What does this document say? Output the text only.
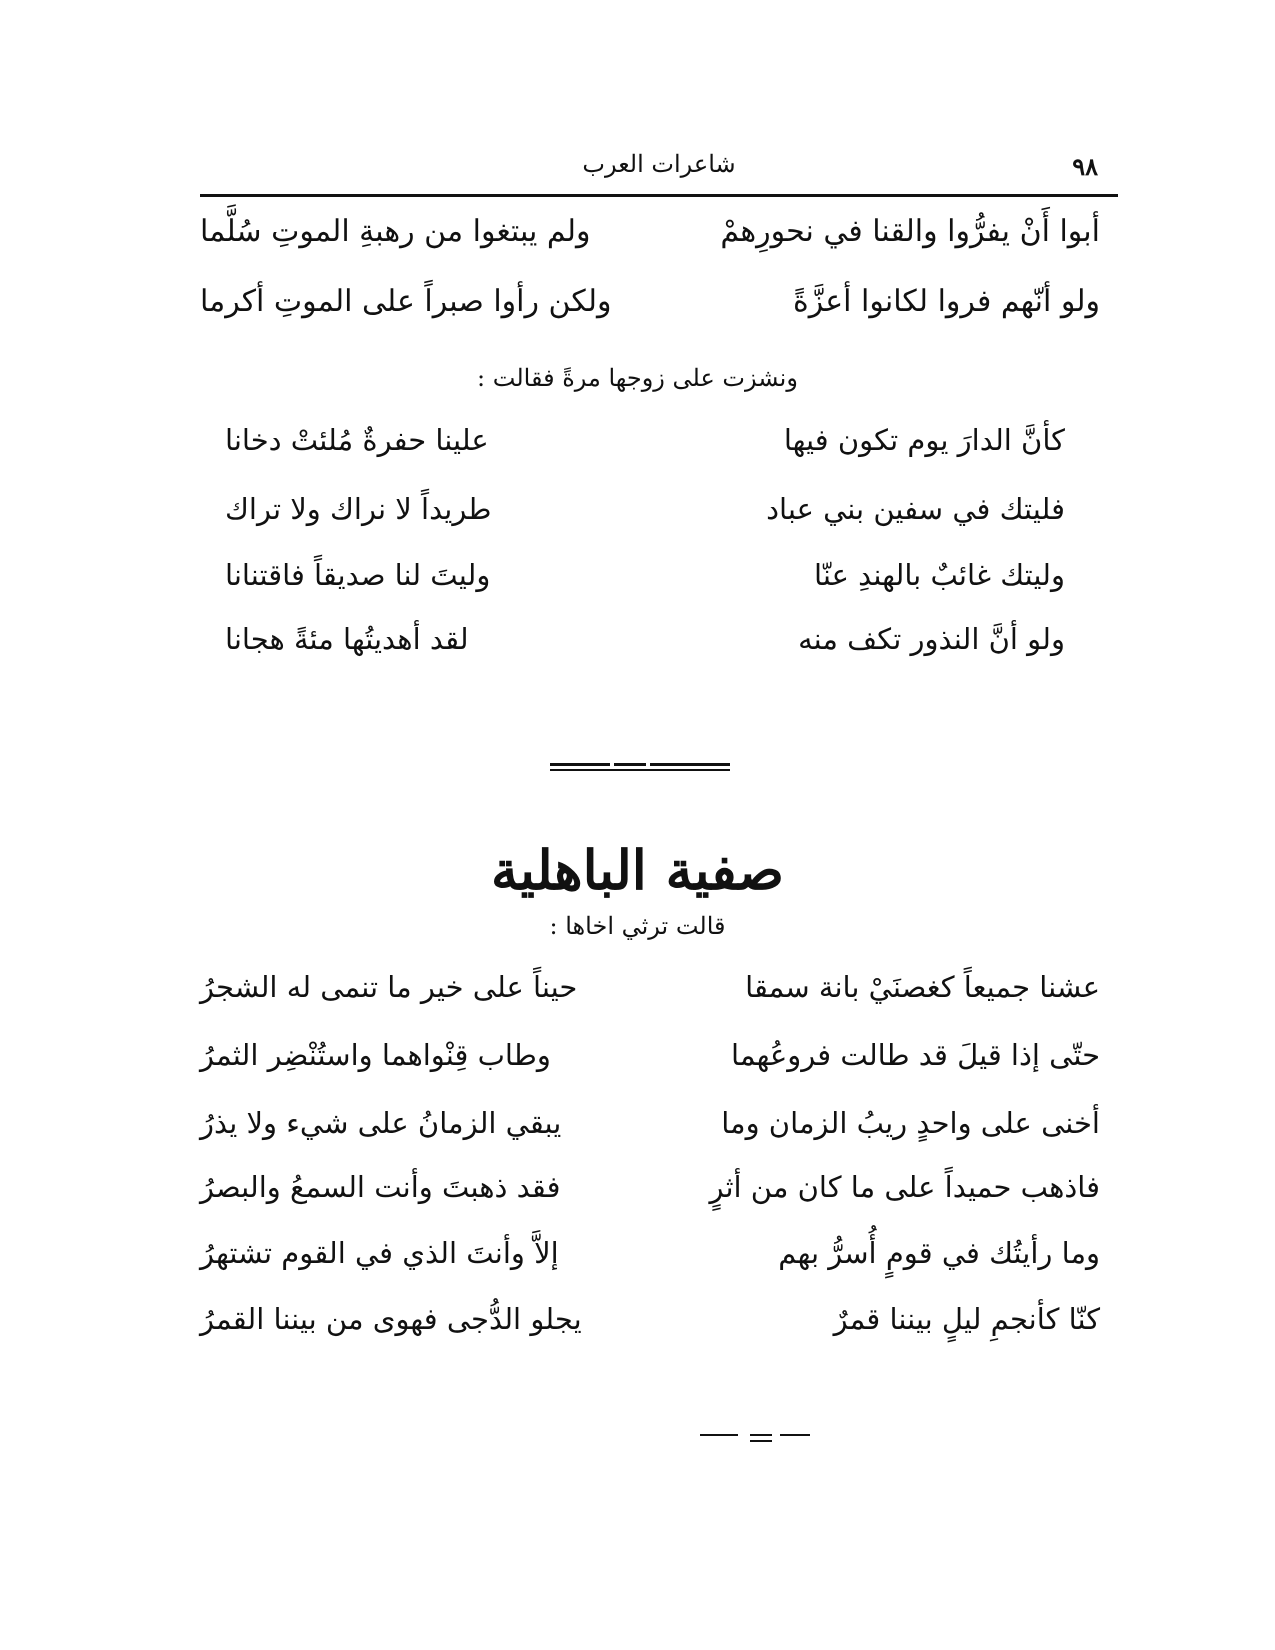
٩٨
شاعرات العرب
أبوا أَنْ يفرُّوا والقنا في نحورِهمْ
ولم يبتغوا من رهبةِ الموتِ سُلَّما
ولو أنّهم فروا لكانوا أعزَّةً
ولكن رأوا صبراً على الموتِ أكرما
ونشزت على زوجها مرةً فقالت :
كأنَّ الدارَ يوم تكون فيها
علينا حفرةٌ مُلئتْ دخانا
فليتك في سفين بني عباد
طريداً لا نراك ولا تراك
وليتك غائبٌ بالهندِ عنّا
وليتَ لنا صديقاً فاقتنانا
ولو أنَّ النذور تكف منه
لقد أهديتُها مئةً هجانا
صفية الباهلية
قالت ترثي اخاها :
عشنا جميعاً كغصنَيْ بانة سمقا
حيناً على خير ما تنمى له الشجرُ
حتّى إذا قيلَ قد طالت فروعُهما
وطاب قِنْواهما واستُنْضِر الثمرُ
أخنى على واحدٍ ريبُ الزمان وما
يبقي الزمانُ على شيء ولا يذرُ
فاذهب حميداً على ما كان من أثرٍ
فقد ذهبتَ وأنت السمعُ والبصرُ
وما رأيتُك في قومٍ أُسرُّ بهم
إلاَّ وأنتَ الذي في القوم تشتهرُ
كنّا كأنجمِ ليلٍ بيننا قمرٌ
يجلو الدُّجى فهوى من بيننا القمرُ
